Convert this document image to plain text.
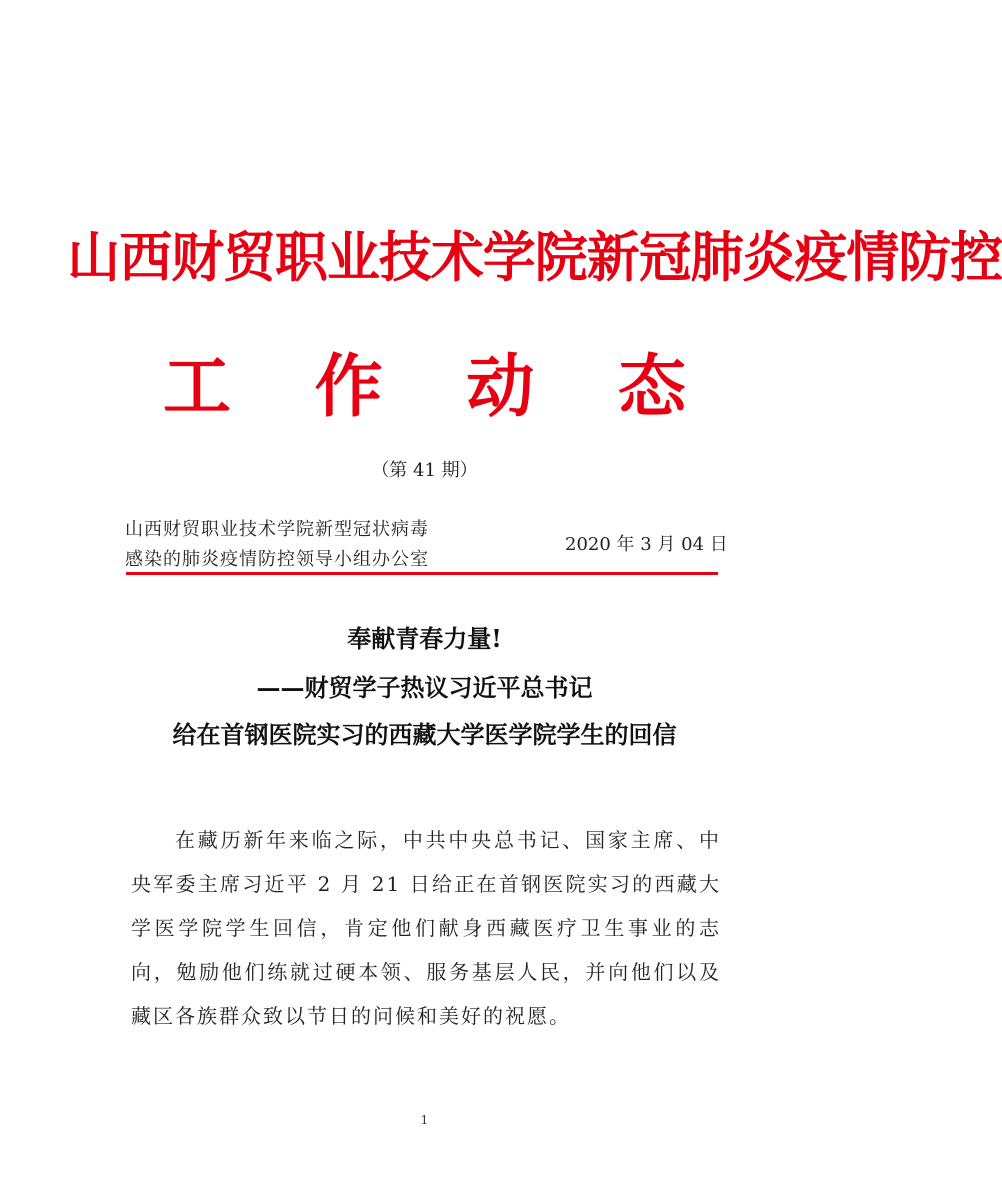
山西财贸职业技术学院新冠肺炎疫情防控
工 作 动 态
（第 41 期）
山西财贸职业技术学院新型冠状病毒
感染的肺炎疫情防控领导小组办公室
2020 年 3 月 04 日
奉献青春力量!
——财贸学子热议习近平总书记
给在首钢医院实习的西藏大学医学院学生的回信

在藏历新年来临之际，中共中央总书记、国家主席、中央军委主席习近平 2 月 21 日给正在首钢医院实习的西藏大学医学院学生回信，肯定他们献身西藏医疗卫生事业的志向，勉励他们练就过硬本领、服务基层人民，并向他们以及藏区各族群众致以节日的问候和美好的祝愿。

1
